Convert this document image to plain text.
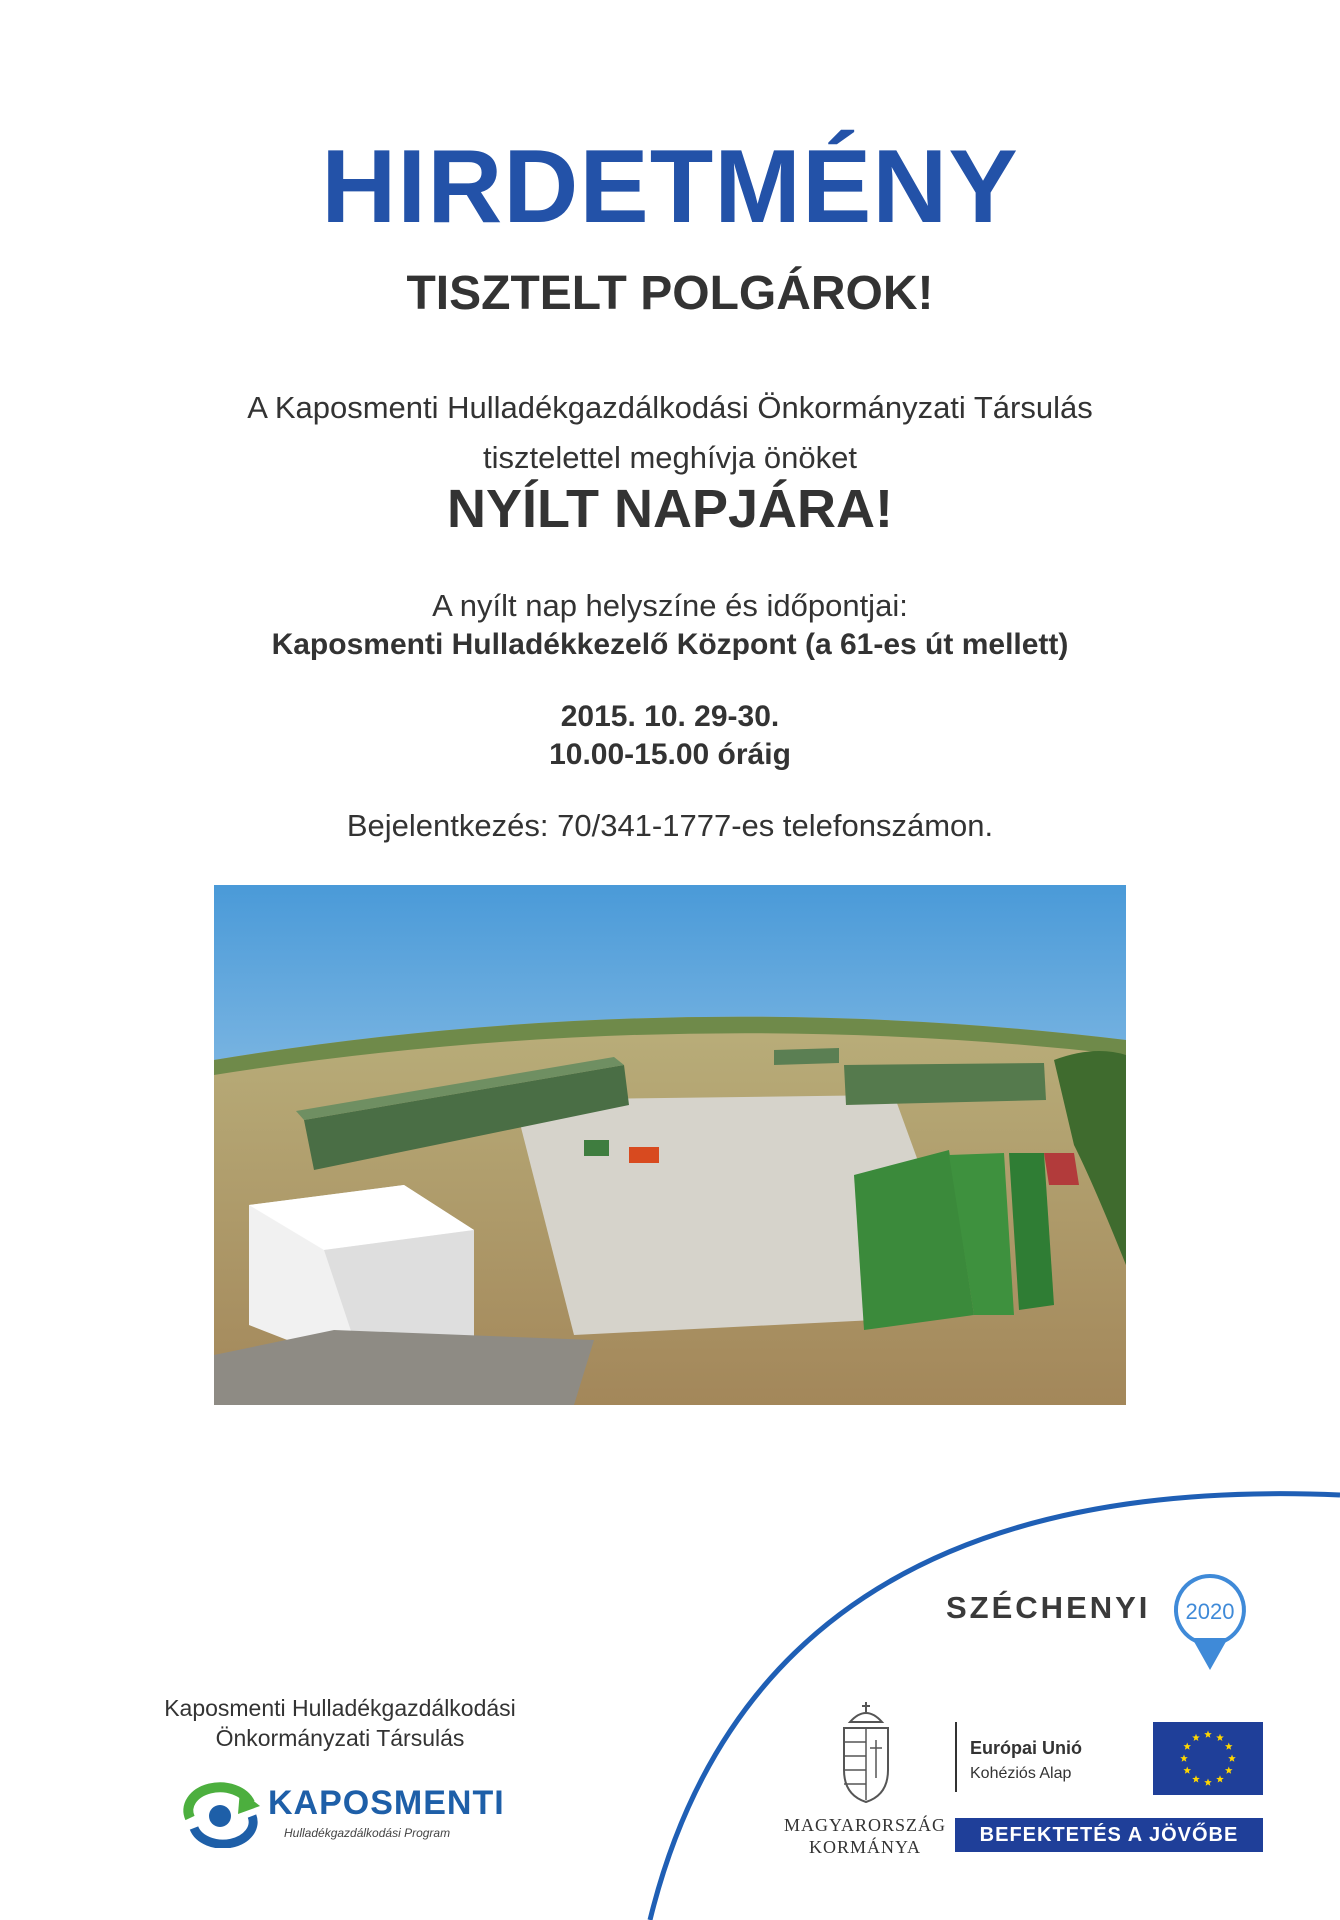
HIRDETMÉNY
TISZTELT POLGÁROK!
A Kaposmenti Hulladékgazdálkodási Önkormányzati Társulás
tisztelettel meghívja önöket
NYÍLT NAPJÁRA!
A nyílt nap helyszíne és időpontjai:
Kaposmenti Hulladékkezelő Központ (a 61-es út mellett)
2015. 10. 29-30.
10.00-15.00 óráig
Bejelentkezés: 70/341-1777-es telefonszámon.
SZÉCHENYI 2020
Kaposmenti Hulladékgazdálkodási
Önkormányzati Társulás
KAPOSMENTI
Hulladékgazdálkodási Program	MAGYARORSZÁG
KORMÁNYA
Európai Unió
Kohéziós Alap
BEFEKTETÉS A JÖVŐBE
